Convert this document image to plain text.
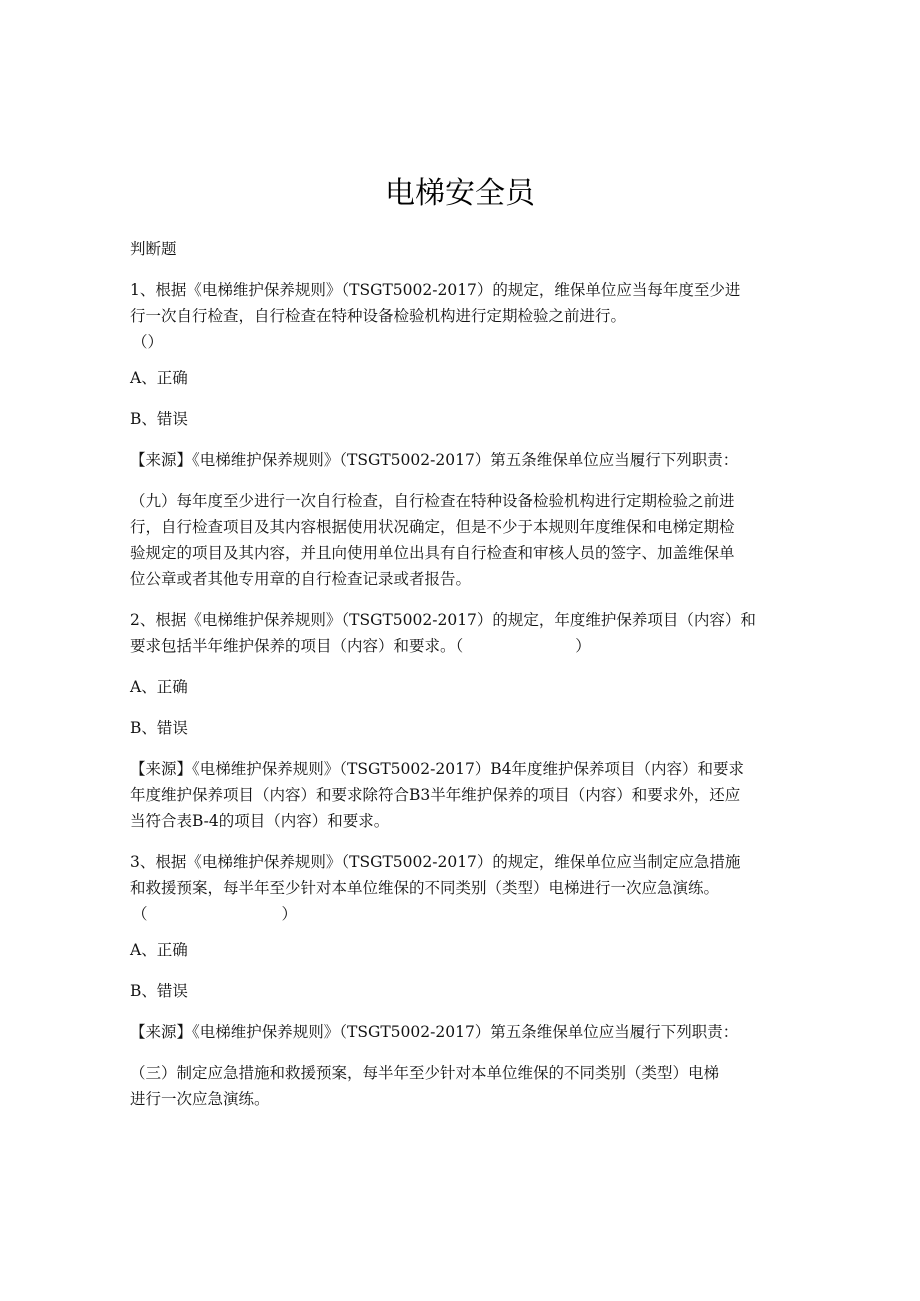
电梯安全员

判断题

1、根据《电梯维护保养规则》（TSGT5002-2017）的规定，维保单位应当每年度至少进
行一次自行检查，自行检查在特种设备检验机构进行定期检验之前进行。
（）

A、正确

B、错误

【来源】《电梯维护保养规则》（TSGT5002-2017）第五条维保单位应当履行下列职责：

（九）每年度至少进行一次自行检查，自行检查在特种设备检验机构进行定期检验之前进
行，自行检查项目及其内容根据使用状况确定，但是不少于本规则年度维保和电梯定期检
验规定的项目及其内容，并且向使用单位出具有自行检查和审核人员的签字、加盖维保单
位公章或者其他专用章的自行检查记录或者报告。

2、根据《电梯维护保养规则》（TSGT5002-2017）的规定，年度维护保养项目（内容）和
要求包括半年维护保养的项目（内容）和要求。（	）

A、正确

B、错误

【来源】《电梯维护保养规则》（TSGT5002-2017）B4年度维护保养项目（内容）和要求
年度维护保养项目（内容）和要求除符合B3半年维护保养的项目（内容）和要求外，还应
当符合表B-4的项目（内容）和要求。

3、根据《电梯维护保养规则》（TSGT5002-2017）的规定，维保单位应当制定应急措施
和救援预案，每半年至少针对本单位维保的不同类别（类型）电梯进行一次应急演练。
（	）

A、正确

B、错误

【来源】《电梯维护保养规则》（TSGT5002-2017）第五条维保单位应当履行下列职责：

（三）制定应急措施和救援预案，每半年至少针对本单位维保的不同类别（类型）电梯
进行一次应急演练。
